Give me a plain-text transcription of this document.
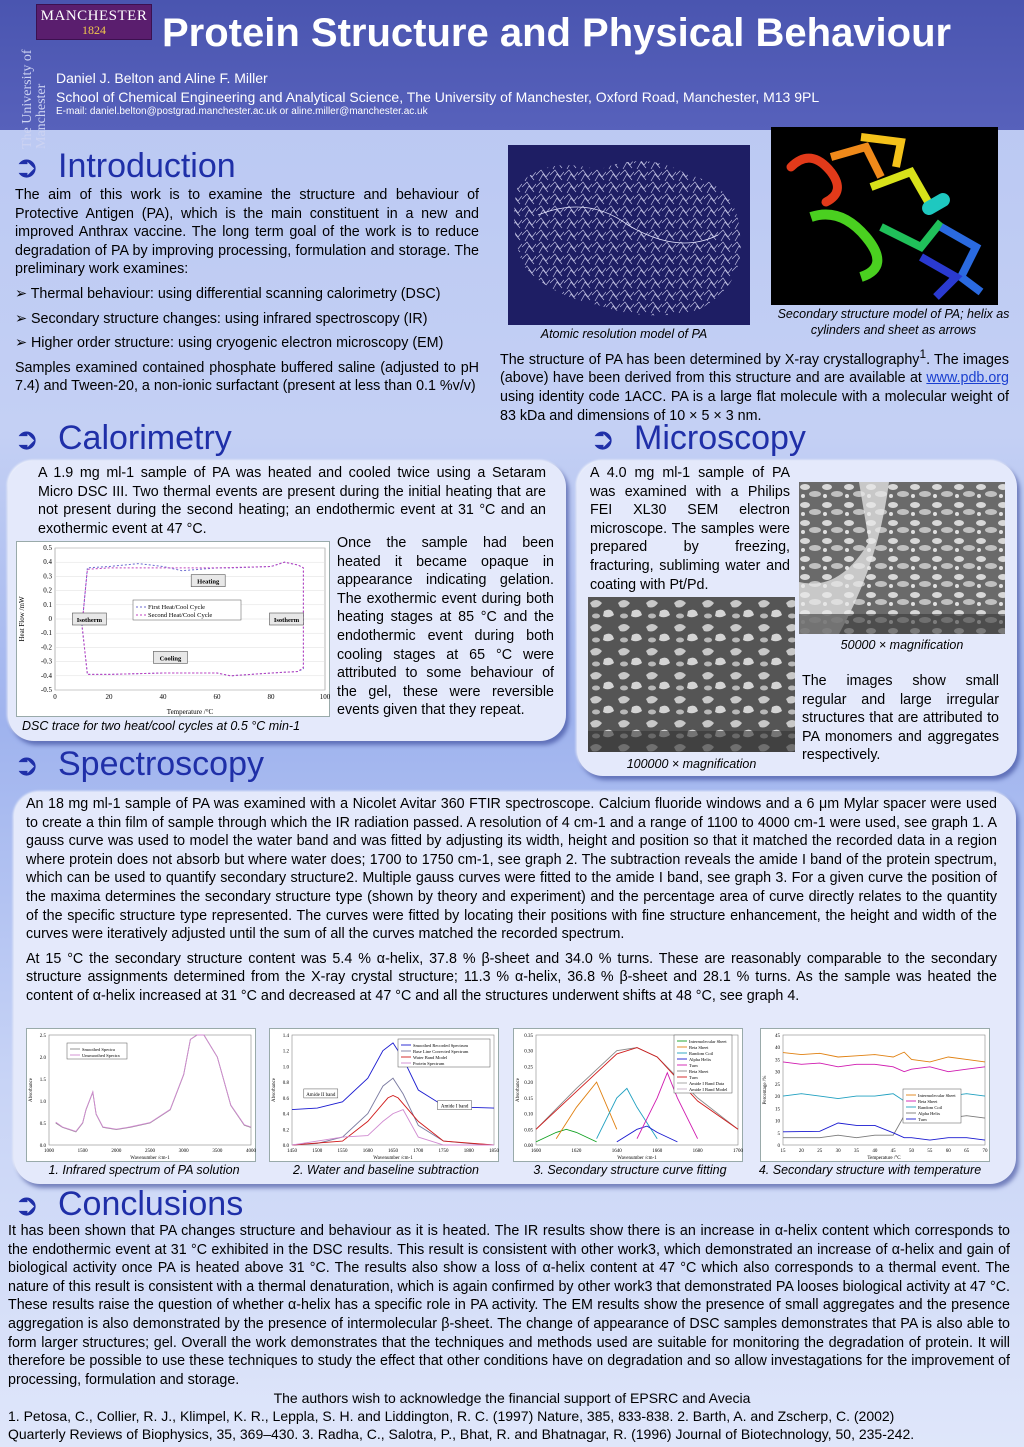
MANCHESTER
1824
The University of Manchester
Protein Structure and Physical Behaviour

Daniel J. Belton and Aline F. Miller

School of Chemical Engineering and Analytical Science, The University of Manchester, Oxford Road, Manchester, M13 9PL

E-mail: daniel.belton@postgrad.manchester.ac.uk or aline.miller@manchester.ac.uk

➲ Introduction

The aim of this work is to examine the structure and behaviour of Protective Antigen (PA), which is the main constituent in a new and improved Anthrax vaccine. The long term goal of the work is to reduce degradation of PA by improving processing, formulation and storage. The preliminary work examines:

➢ Thermal behaviour: using differential scanning calorimetry (DSC)

➢ Secondary structure changes: using infrared spectroscopy (IR)

➢ Higher order structure: using cryogenic electron microscopy (EM)

Samples examined contained phosphate buffered saline (adjusted to pH 7.4) and Tween-20, a non-ionic surfactant (present at less than 0.1 %v/v)

Atomic resolution model of PA

Secondary structure model of PA; helix as cylinders and sheet as arrows

The structure of PA has been determined by X-ray crystallography$^1$. The images (above) have been derived from this structure and are available at www.pdb.org using identity code 1ACC. PA is a large flat molecule with a molecular weight of 83 kDa and dimensions of 10 × 5 × 3 nm.

➲ Calorimetry

A 1.9 mg ml-1 sample of PA was heated and cooled twice using a Setaram Micro DSC III. Two thermal events are present during the initial heating that are not present during the second heating; an endothermic event at 31 °C and an exothermic event at 47 °C.

Once the sample had been heated it became opaque in appearance indicating gelation. The exothermic event during both heating stages at 85 °C and the endothermic event during both cooling stages at 65 °C were attributed to some behaviour of the gel, these were reversible events given that they repeat.

0.5
0.4
0.3
0.2
0.1
0
-0.1
-0.2
-0.3
-0.4
-0.5
0	20	40	60	80	100
Temperature /°C
Heat Flow /mW	First Heat/Cool Cycle
Second Heat/Cool Cycle
Heating
Isotherm	Isotherm
Cooling

DSC trace for two heat/cool cycles at 0.5 °C min-1

➲ Microscopy

A 4.0 mg ml-1 sample of PA was examined with a Philips FEI XL30 SEM electron microscope. The samples were prepared by freezing, fracturing, subliming water and coating with Pt/Pd.

50000 × magnification

100000 × magnification

The images show small regular and large irregular structures that are attributed to PA monomers and aggregates respectively.

➲ Spectroscopy

An 18 mg ml-1 sample of PA was examined with a Nicolet Avitar 360 FTIR spectroscope. Calcium fluoride windows and a 6 μm Mylar spacer were used to create a thin film of sample through which the IR radiation passed. A resolution of 4 cm-1 and a range of 1100 to 4000 cm-1 were used, see graph 1. A gauss curve was used to model the water band and was fitted by adjusting its width, height and position so that it matched the recorded data in a region where protein does not absorb but where water does; 1700 to 1750 cm-1, see graph 2. The subtraction reveals the amide I band of the protein spectrum, which can be used to quantify secondary structure2. Multiple gauss curves were fitted to the amide I band, see graph 3. For a given curve the position of the maxima determines the secondary structure type (shown by theory and experiment) and the percentage area of curve directly relates to the quantity of the specific structure type represented. The curves were fitted by locating their positions with fine structure enhancement, the height and width of the curves were iteratively adjusted until the sum of all the curves matched the recorded spectrum.

At 15 °C the secondary structure content was 5.4 % α-helix, 37.8 % β-sheet and 34.0 % turns. These are reasonably comparable to the secondary structure assignments determined from the X-ray crystal structure; 11.3 % α-helix, 36.8 % β-sheet and 28.1 % turns. As the sample was heated the content of α-helix increased at 31 °C and decreased at 47 °C and all the structures underwent shifts at 48 °C, see graph 4.

2.5
2.0
1.5
1.0
0.5
0.0
1000	1500	2000	2500	3000	3500	4000
Wavenumber /cm-1
Absorbance
Smoothed Spectra
Unsmoothed Spectra
1.4
1.2
1.0
0.8
0.6
0.4
0.2
0.0
1450	1500	1550	1600	1650	1700	1750	1800	1850
Wavenumber /cm-1
Absorbance
Smoothed Recorded Spectrum
Base Line Corrected Spectrum
Water Band Model
Protein Spectrum
Amide II band
Amide I band
0.35
0.30
0.25
0.20
0.15
0.10
0.05
0.00
1600	1620	1640	1660	1680	1700
Wavenumber /cm-1
Absorbance
Intermolecular Sheet
Beta Sheet
Random Coil
Alpha Helix
Turn
Beta Sheet
Turn
Amide I Band Data
Amide I Band Model
45
40
35
30
25
20
15
10
5
0
15	20	25	30	35	40	45	50	55	60	65	70
Temperature /°C
Percentage /%	Intermolecular Sheet
Beta Sheet
Random Coil
Alpha Helix
Turn

1. Infrared spectrum of PA solution	2. Water and baseline subtraction	3. Secondary structure curve fitting	4. Secondary structure with temperature

➲ Conclusions

It has been shown that PA changes structure and behaviour as it is heated. The IR results show there is an increase in α-helix content which corresponds to the endothermic event at 31 °C exhibited in the DSC results. This result is consistent with other work3, which demonstrated an increase of α-helix and gain of biological activity once PA is heated above 31 °C. The results also show a loss of α-helix content at 47 °C which also corresponds to a thermal event. The nature of this result is consistent with a thermal denaturation, which is again confirmed by other work3 that demonstrated PA looses biological activity at 47 °C. These results raise the question of whether α-helix has a specific role in PA activity. The EM results show the presence of small aggregates and the presence aggregation is also demonstrated by the presence of intermolecular β-sheet. The change of appearance of DSC samples demonstrates that PA is also able to form larger structures; gel. Overall the work demonstrates that the techniques and methods used are suitable for monitoring the degradation of protein. It will therefore be possible to use these techniques to study the effect that other conditions have on degradation and so allow investagations for the improvement of processing, formulation and storage.

The authors wish to acknowledge the financial support of EPSRC and Avecia

1. Petosa, C., Collier, R. J., Klimpel, K. R., Leppla, S. H. and Liddington, R. C. (1997) Nature, 385, 833-838. 2. Barth, A. and Zscherp, C. (2002)

Quarterly Reviews of Biophysics, 35, 369–430. 3. Radha, C., Salotra, P., Bhat, R. and Bhatnagar, R. (1996) Journal of Biotechnology, 50, 235-242.
